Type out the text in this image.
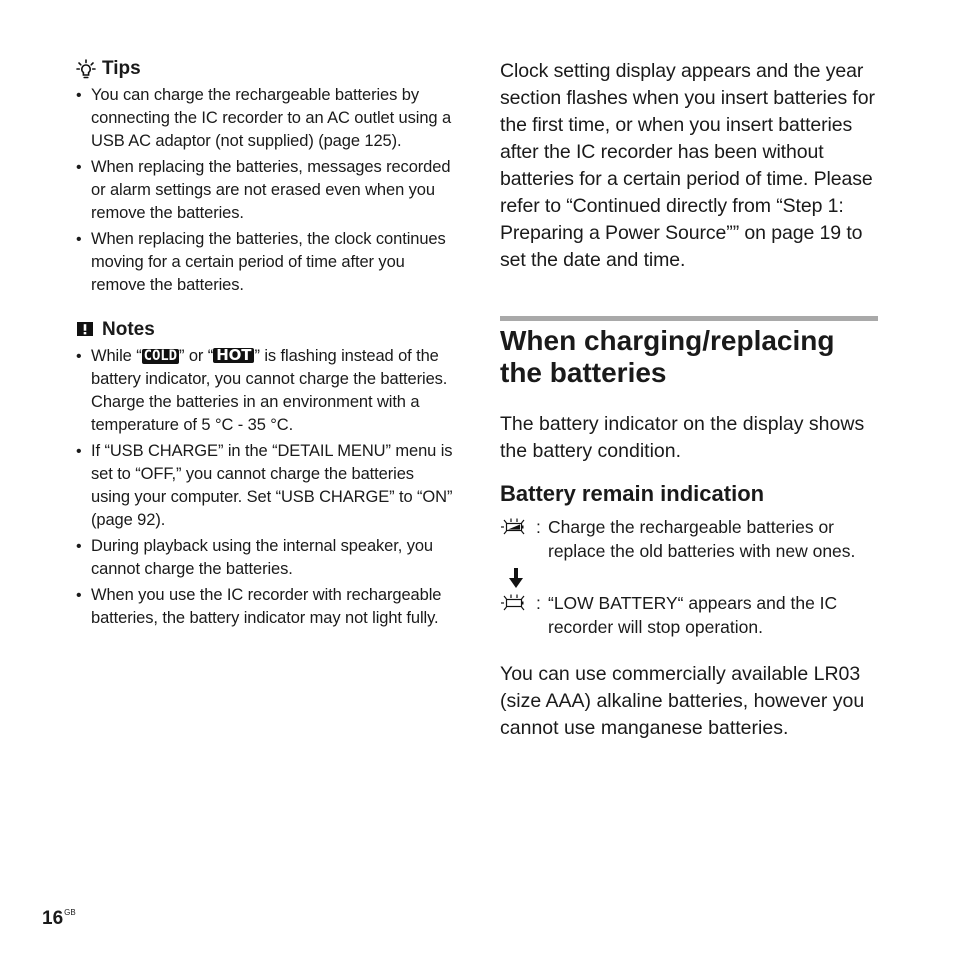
Tips
• You can charge the rechargeable batteries by connecting the IC recorder to an AC outlet using a USB AC adaptor (not supplied) (page 125).
• When replacing the batteries, messages recorded or alarm settings are not erased even when you remove the batteries.
• When replacing the batteries, the clock continues moving for a certain period of time after you remove the batteries.
Notes
• While “ COLD ” or “ HOT ” is flashing instead of the battery indicator, you cannot charge the batteries. Charge the batteries in an environment with a temperature of 5 °C - 35 °C.
• If “USB CHARGE” in the “DETAIL MENU” menu is set to “OFF,” you cannot charge the batteries using your computer. Set “USB CHARGE” to “ON” (page 92).
• During playback using the internal speaker, you cannot charge the batteries.
• When you use the IC recorder with rechargeable batteries, the battery indicator may not light fully.

Clock setting display appears and the year section flashes when you insert batteries for the first time, or when you insert batteries after the IC recorder has been without batteries for a certain period of time. Please refer to “Continued directly from “Step 1: Preparing a Power Source”” on page 19 to set the date and time.

When charging/replacing the batteries

The battery indicator on the display shows the battery condition.

Battery remain indication
: Charge the rechargeable batteries or replace the old batteries with new ones.
: “LOW BATTERY“ appears and the IC recorder will stop operation.

You can use commercially available LR03 (size AAA) alkaline batteries, however you cannot use manganese batteries.

$16^{GB}$
